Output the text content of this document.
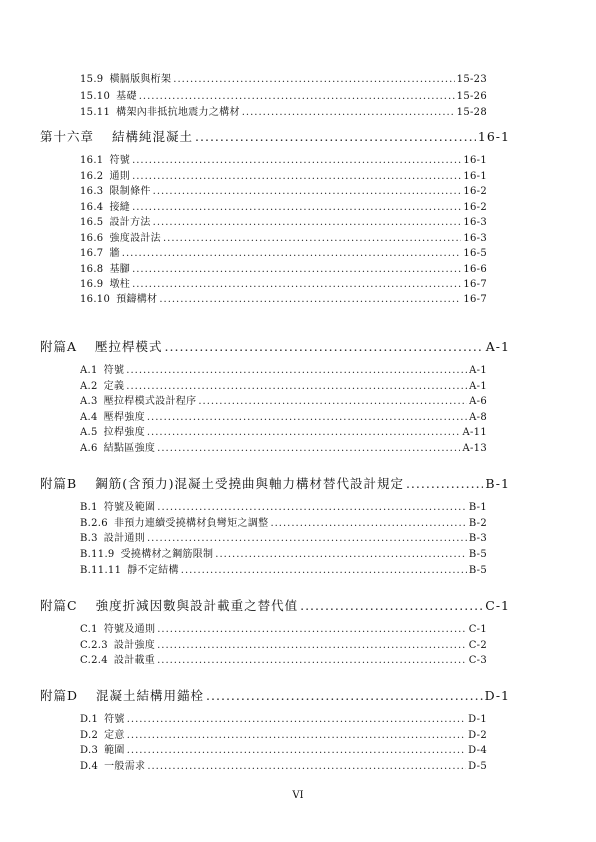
15.9 橫膈版與桁架 .....	15-23
15.10 基礎 .....	15-26
15.11 構架內非抵抗地震力之構材 .....	15-28
第十六章 結構純混凝土 .....	16-1
16.1 符號 .....	16-1
16.2 通則 .....	16-1
16.3 限制條件 .....	16-2
16.4 接縫 .....	16-2
16.5 設計方法 .....	16-3
16.6 強度設計法 .....	16-3
16.7 牆 .....	16-5
16.8 基腳 .....	16-6
16.9 墩柱 .....	16-7
16.10 預鑄構材 .....	16-7
附篇A 壓拉桿模式 .....	A-1
A.1 符號 .....	A-1
A.2 定義 .....	A-1
A.3 壓拉桿模式設計程序 .....	A-6
A.4 壓桿強度 .....	A-8
A.5 拉桿強度 .....	A-11
A.6 結點區強度 .....	A-13
附篇B 鋼筋(含預力)混凝土受撓曲與軸力構材替代設計規定 .....	B-1
B.1 符號及範圍 .....	B-1
B.2.6 非預力連續受撓構材負彎矩之調整 .....	B-2
B.3 設計通則 .....	B-3
B.11.9 受撓構材之鋼筋限制 .....	B-5
B.11.11 靜不定結構 .....	B-5
附篇C 強度折減因數與設計載重之替代值 .....	C-1
C.1 符號及通則 .....	C-1
C.2.3 設計強度 .....	C-2
C.2.4 設計載重 .....	C-3
附篇D 混凝土結構用錨栓 .....	D-1
D.1 符號 .....	D-1
D.2 定意 .....	D-2
D.3 範圍 .....	D-4
D.4 一般需求 .....	D-5
VI
